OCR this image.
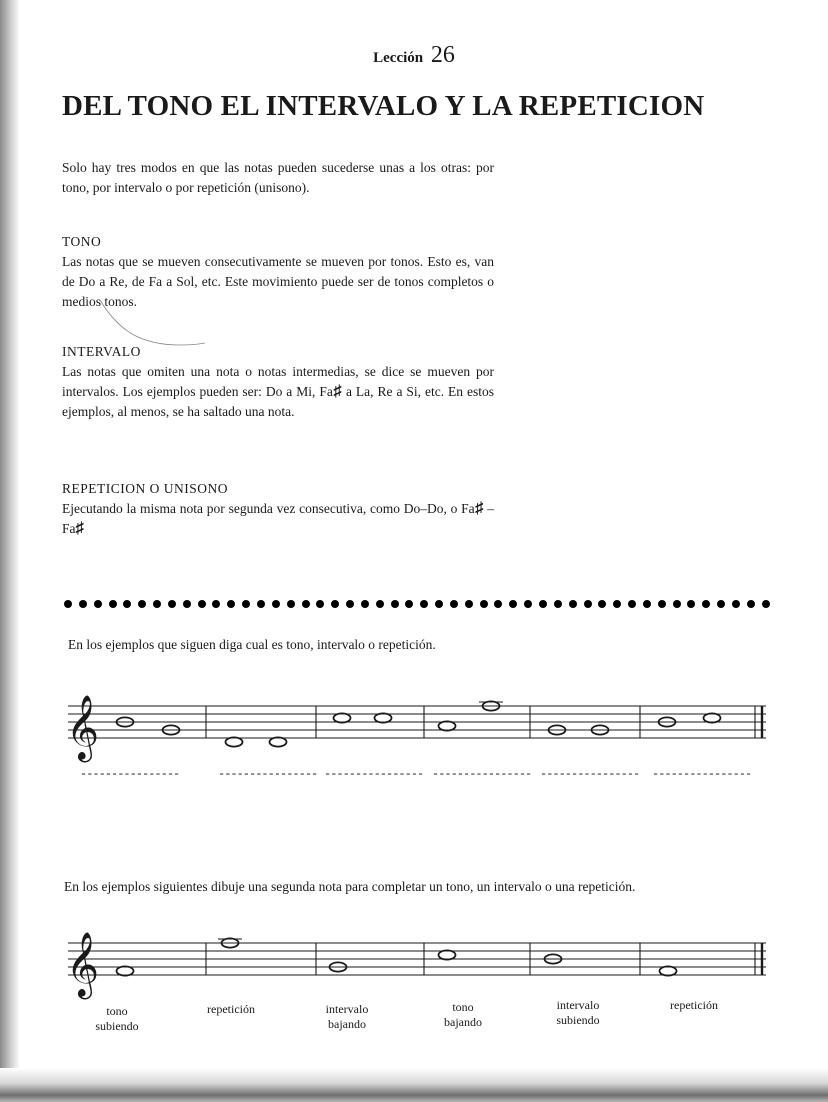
Lección 26
DEL TONO EL INTERVALO Y LA REPETICION
Solo hay tres modos en que las notas pueden sucederse unas a los otras: por tono, por intervalo o por repetición (unisono).
TONO
Las notas que se mueven consecutivamente se mueven por tonos. Esto es, van de Do a Re, de Fa a Sol, etc. Este movimiento puede ser de tonos completos o medios tonos.
INTERVALO
Las notas que omiten una nota o notas intermedias, se dice se mueven por intervalos. Los ejemplos pueden ser: Do a Mi, Fa♯ a La, Re a Si, etc. En estos ejemplos, al menos, se ha saltado una nota.
REPETICION O UNISONO
Ejecutando la misma nota por segunda vez consecutiva, como Do–Do, o Fa♯ –Fa♯
En los ejemplos que siguen diga cual es tono, intervalo o repetición.
𝄞
----------------	---------------- ---------------- ---------------- ---------------- ----------------
En los ejemplos siguientes dibuje una segunda nota para completar un tono, un intervalo o una repetición.
𝄞
tono
subiendo
repetición	intervalo
bajando
tono
bajando
intervalo
subiendo
repetición
